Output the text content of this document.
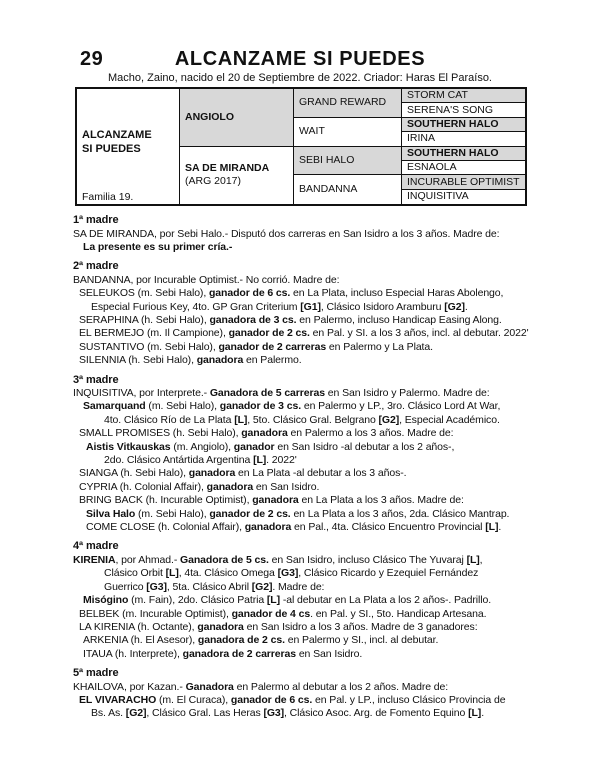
29	ALCANZAME SI PUEDES
Macho, Zaino, nacido el 20 de Septiembre de 2022. Criador: Haras El Paraíso.
ALCANZAME
SI PUEDES
Familia 19.
ANGIOLO
SA DE MIRANDA
(ARG 2017)
GRAND REWARD
WAIT
SEBI HALO
BANDANNA
STORM CAT
SERENA'S SONG
SOUTHERN HALO
IRINA
SOUTHERN HALO
ESNAOLA
INCURABLE OPTIMIST
INQUISITIVA
1ª madre
SA DE MIRANDA, por Sebi Halo.- Disputó dos carreras en San Isidro a los 3 años. Madre de:
La presente es su primer cría.-
2ª madre
BANDANNA, por Incurable Optimist.- No corrió. Madre de:
SELEUKOS (m. Sebi Halo), ganador de 6 cs. en La Plata, incluso Especial Haras Abolengo,
Especial Furious Key, 4to. GP Gran Criterium [G1], Clásico Isidoro Aramburu [G2].
SERAPHINA (h. Sebi Halo), ganadora de 3 cs. en Palermo, incluso Handicap Easing Along.
EL BERMEJO (m. Il Campione), ganador de 2 cs. en Pal. y SI. a los 3 años, incl. al debutar. 2022'
SUSTANTIVO (m. Sebi Halo), ganador de 2 carreras en Palermo y La Plata.
SILENNIA (h. Sebi Halo), ganadora en Palermo.
3ª madre
INQUISITIVA, por Interprete.- Ganadora de 5 carreras en San Isidro y Palermo. Madre de:
Samarquand (m. Sebi Halo), ganador de 3 cs. en Palermo y LP., 3ro. Clásico Lord At War,
4to. Clásico Río de La Plata [L], 5to. Clásico Gral. Belgrano [G2], Especial Académico.
SMALL PROMISES (h. Sebi Halo), ganadora en Palermo a los 3 años. Madre de:
Aistis Vitkauskas (m. Angiolo), ganador en San Isidro -al debutar a los 2 años-,
2do. Clásico Antártida Argentina [L]. 2022'
SIANGA (h. Sebi Halo), ganadora en La Plata -al debutar a los 3 años-.
CYPRIA (h. Colonial Affair), ganadora en San Isidro.
BRING BACK (h. Incurable Optimist), ganadora en La Plata a los 3 años. Madre de:
Silva Halo (m. Sebi Halo), ganador de 2 cs. en La Plata a los 3 años, 2da. Clásico Mantrap.
COME CLOSE (h. Colonial Affair), ganadora en Pal., 4ta. Clásico Encuentro Provincial [L].
4ª madre
KIRENIA, por Ahmad.- Ganadora de 5 cs. en San Isidro, incluso Clásico The Yuvaraj [L],
Clásico Orbit [L], 4ta. Clásico Omega [G3], Clásico Ricardo y Ezequiel Fernández
Guerrico [G3], 5ta. Clásico Abril [G2]. Madre de:
Misógino (m. Fain), 2do. Clásico Patria [L] -al debutar en La Plata a los 2 años-. Padrillo.
BELBEK (m. Incurable Optimist), ganador de 4 cs. en Pal. y SI., 5to. Handicap Artesana.
LA KIRENIA (h. Octante), ganadora en San Isidro a los 3 años. Madre de 3 ganadores:
ARKENIA (h. El Asesor), ganadora de 2 cs. en Palermo y SI., incl. al debutar.
ITAUA (h. Interprete), ganadora de 2 carreras en San Isidro.
5ª madre
KHAILOVA, por Kazan.- Ganadora en Palermo al debutar a los 2 años. Madre de:
EL VIVARACHO (m. El Curaca), ganador de 6 cs. en Pal. y LP., incluso Clásico Provincia de
Bs. As. [G2], Clásico Gral. Las Heras [G3], Clásico Asoc. Arg. de Fomento Equino [L].
